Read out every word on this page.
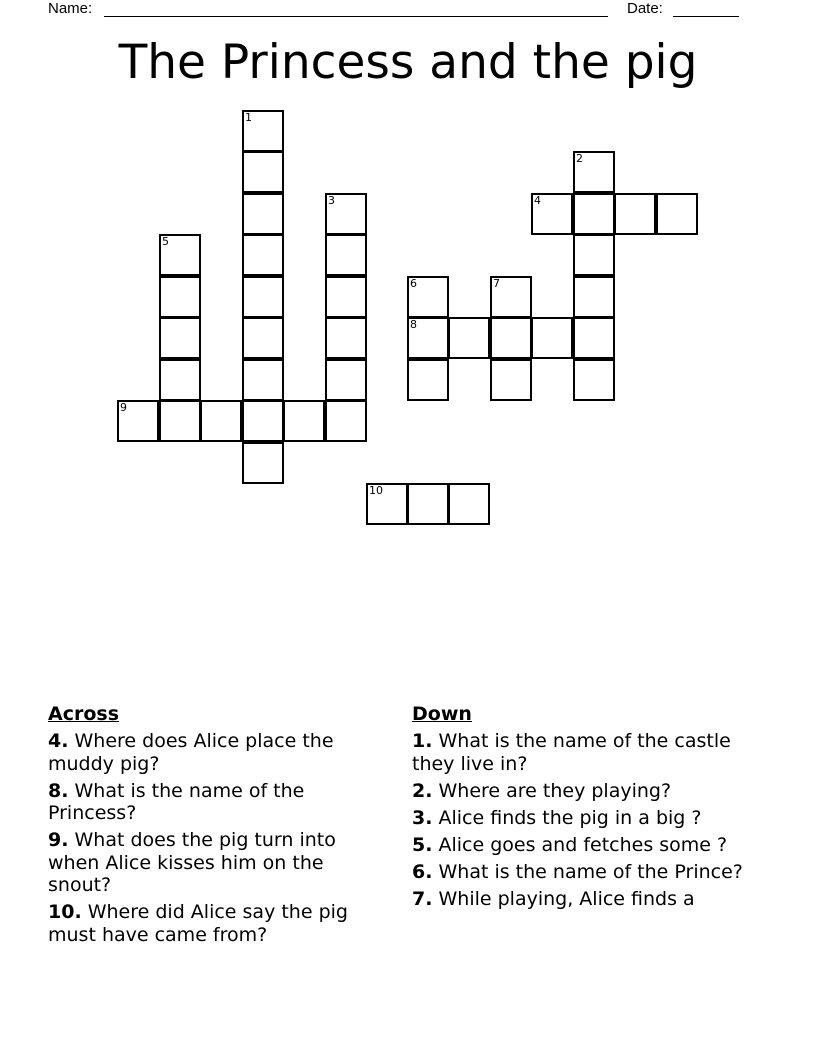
Name:	Date:
The Princess and the pig
1
3
5
9
2
4
6	7
8
10
Across
4. Where does Alice place the muddy pig?
8. What is the name of the Princess?
9. What does the pig turn into when Alice kisses him on the snout?
10. Where did Alice say the pig must have came from?
Down
1. What is the name of the castle they live in?
2. Where are they playing?
3. Alice finds the pig in a big ?
5. Alice goes and fetches some ?
6. What is the name of the Prince?
7. While playing, Alice finds a
